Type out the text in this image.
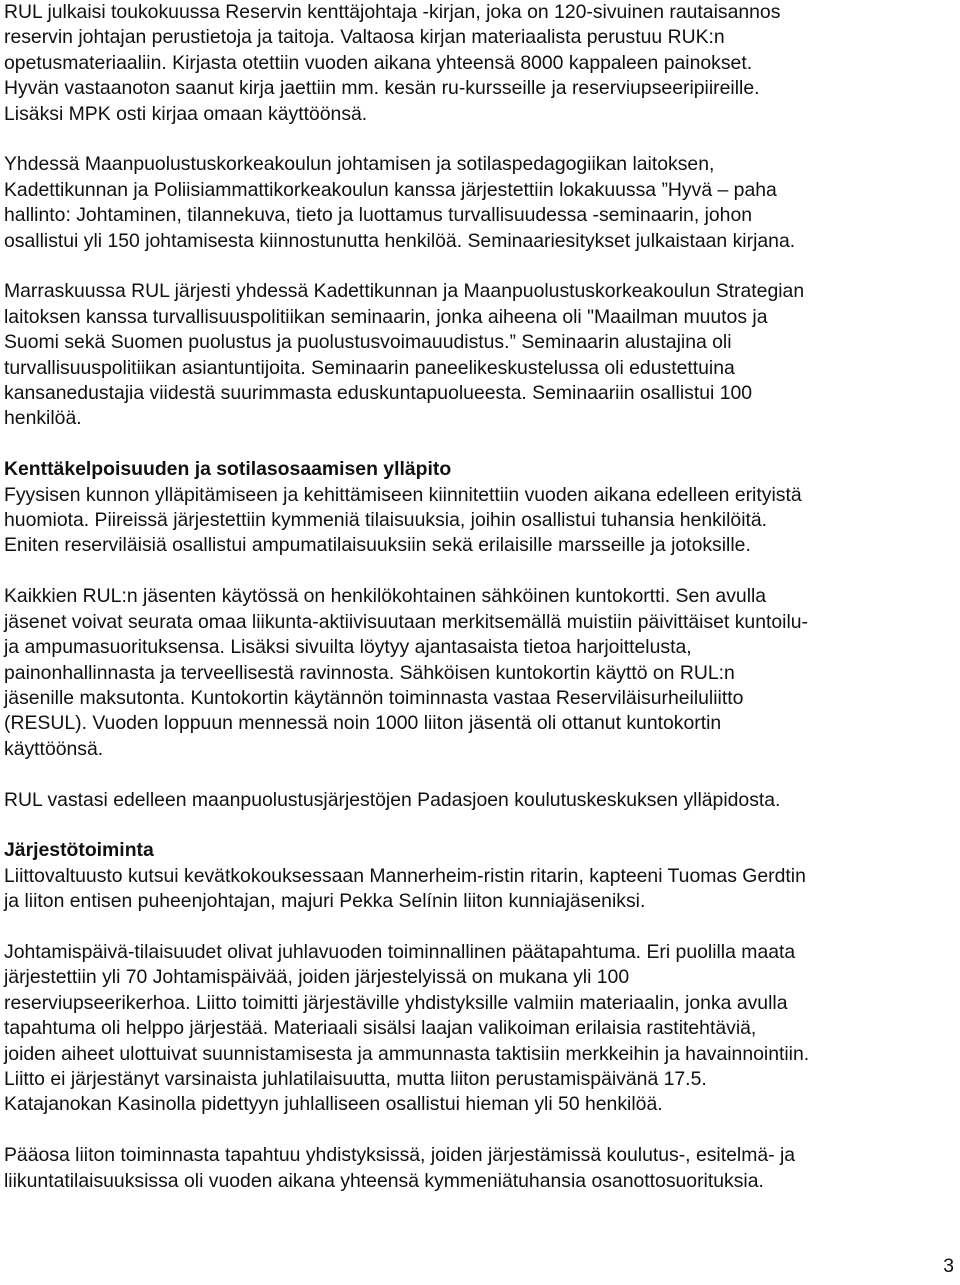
RUL julkaisi toukokuussa Reservin kenttäjohtaja -kirjan, joka on 120-sivuinen rautaisannos
reservin johtajan perustietoja ja taitoja. Valtaosa kirjan materiaalista perustuu RUK:n
opetusmateriaaliin. Kirjasta otettiin vuoden aikana yhteensä 8000 kappaleen painokset.
Hyvän vastaanoton saanut kirja jaettiin mm. kesän ru-kursseille ja reserviupseeripiireille.
Lisäksi MPK osti kirjaa omaan käyttöönsä.

Yhdessä Maanpuolustuskorkeakoulun johtamisen ja sotilaspedagogiikan laitoksen,
Kadettikunnan ja Poliisiammattikorkeakoulun kanssa järjestettiin lokakuussa ”Hyvä – paha
hallinto: Johtaminen, tilannekuva, tieto ja luottamus turvallisuudessa -seminaarin, johon
osallistui yli 150 johtamisesta kiinnostunutta henkilöä. Seminaariesitykset julkaistaan kirjana.

Marraskuussa RUL järjesti yhdessä Kadettikunnan ja Maanpuolustuskorkeakoulun Strategian
laitoksen kanssa turvallisuuspolitiikan seminaarin, jonka aiheena oli "Maailman muutos ja
Suomi sekä Suomen puolustus ja puolustusvoimauudistus.” Seminaarin alustajina oli
turvallisuuspolitiikan asiantuntijoita. Seminaarin paneelikeskustelussa oli edustettuina
kansanedustajia viidestä suurimmasta eduskuntapuolueesta. Seminaariin osallistui 100
henkilöä.

Kenttäkelpoisuuden ja sotilasosaamisen ylläpito

Fyysisen kunnon ylläpitämiseen ja kehittämiseen kiinnitettiin vuoden aikana edelleen erityistä
huomiota. Piireissä järjestettiin kymmeniä tilaisuuksia, joihin osallistui tuhansia henkilöitä.
Eniten reserviläisiä osallistui ampumatilaisuuksiin sekä erilaisille marsseille ja jotoksille.

Kaikkien RUL:n jäsenten käytössä on henkilökohtainen sähköinen kuntokortti. Sen avulla
jäsenet voivat seurata omaa liikunta-aktiivisuutaan merkitsemällä muistiin päivittäiset kuntoilu-
ja ampumasuorituksensa. Lisäksi sivuilta löytyy ajantasaista tietoa harjoittelusta,
painonhallinnasta ja terveellisestä ravinnosta. Sähköisen kuntokortin käyttö on RUL:n
jäsenille maksutonta. Kuntokortin käytännön toiminnasta vastaa Reserviläisurheiluliitto
(RESUL). Vuoden loppuun mennessä noin 1000 liiton jäsentä oli ottanut kuntokortin
käyttöönsä.

RUL vastasi edelleen maanpuolustusjärjestöjen Padasjoen koulutuskeskuksen ylläpidosta.

Järjestötoiminta

Liittovaltuusto kutsui kevätkokouksessaan Mannerheim-ristin ritarin, kapteeni Tuomas Gerdtin
ja liiton entisen puheenjohtajan, majuri Pekka Selínin liiton kunniajäseniksi.

Johtamispäivä-tilaisuudet olivat juhlavuoden toiminnallinen päätapahtuma. Eri puolilla maata
järjestettiin yli 70 Johtamispäivää, joiden järjestelyissä on mukana yli 100
reserviupseerikerhoa. Liitto toimitti järjestäville yhdistyksille valmiin materiaalin, jonka avulla
tapahtuma oli helppo järjestää. Materiaali sisälsi laajan valikoiman erilaisia rastitehtäviä,
joiden aiheet ulottuivat suunnistamisesta ja ammunnasta taktisiin merkkeihin ja havainnointiin.
Liitto ei järjestänyt varsinaista juhlatilaisuutta, mutta liiton perustamispäivänä 17.5.
Katajanokan Kasinolla pidettyyn juhlalliseen osallistui hieman yli 50 henkilöä.

Pääosa liiton toiminnasta tapahtuu yhdistyksissä, joiden järjestämissä koulutus-, esitelmä- ja
liikuntatilaisuuksissa oli vuoden aikana yhteensä kymmeniätuhansia osanottosuorituksia.

3
